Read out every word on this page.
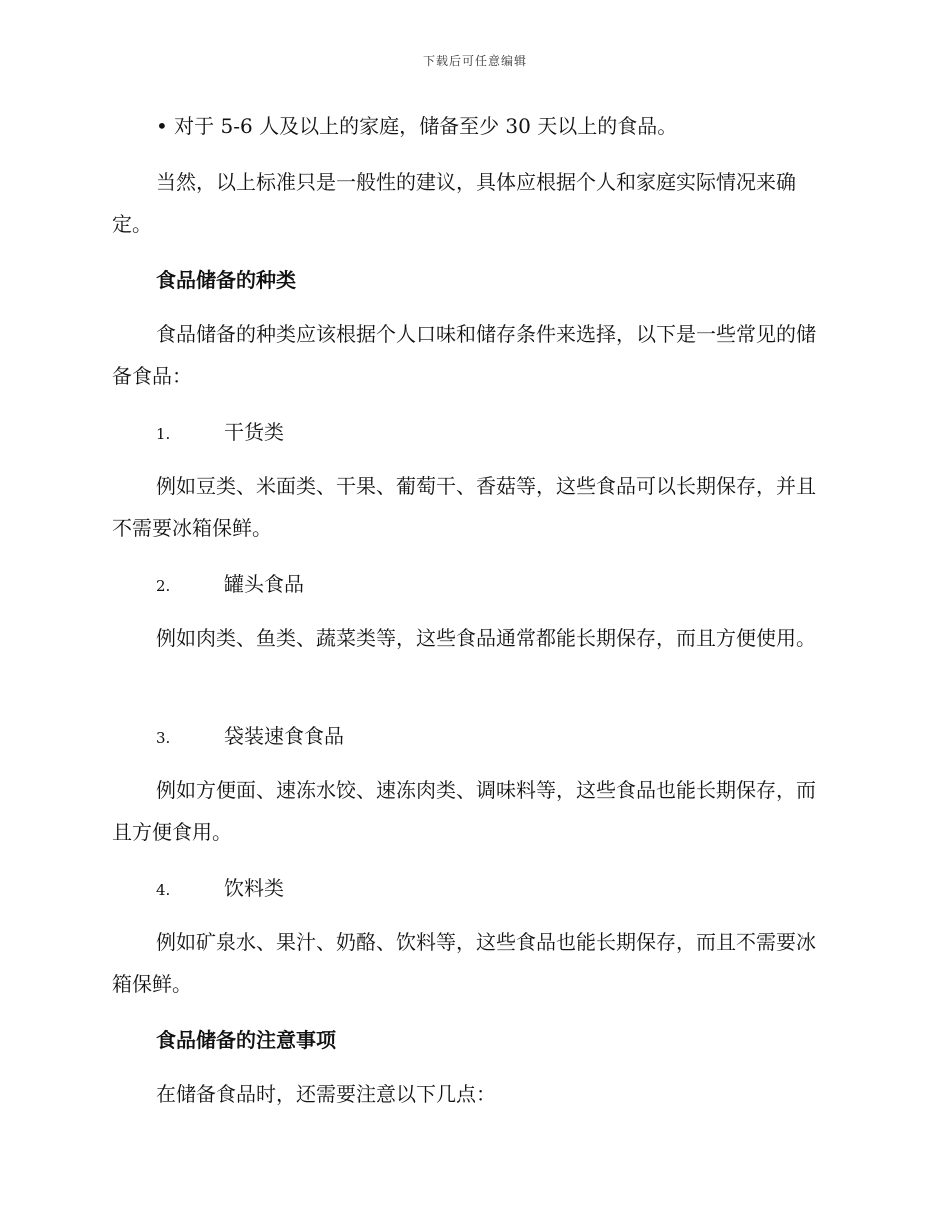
下载后可任意编辑
• 对于 5-6 人及以上的家庭，储备至少 30 天以上的食品。
当然，以上标准只是一般性的建议，具体应根据个人和家庭实际情况来确定。
食品储备的种类
食品储备的种类应该根据个人口味和储存条件来选择，以下是一些常见的储备食品：
1.	干货类
例如豆类、米面类、干果、葡萄干、香菇等，这些食品可以长期保存，并且不需要冰箱保鲜。
2.	罐头食品
例如肉类、鱼类、蔬菜类等，这些食品通常都能长期保存，而且方便使用。
3.	袋装速食食品
例如方便面、速冻水饺、速冻肉类、调味料等，这些食品也能长期保存，而且方便食用。
4.	饮料类
例如矿泉水、果汁、奶酪、饮料等，这些食品也能长期保存，而且不需要冰箱保鲜。
食品储备的注意事项
在储备食品时，还需要注意以下几点：
